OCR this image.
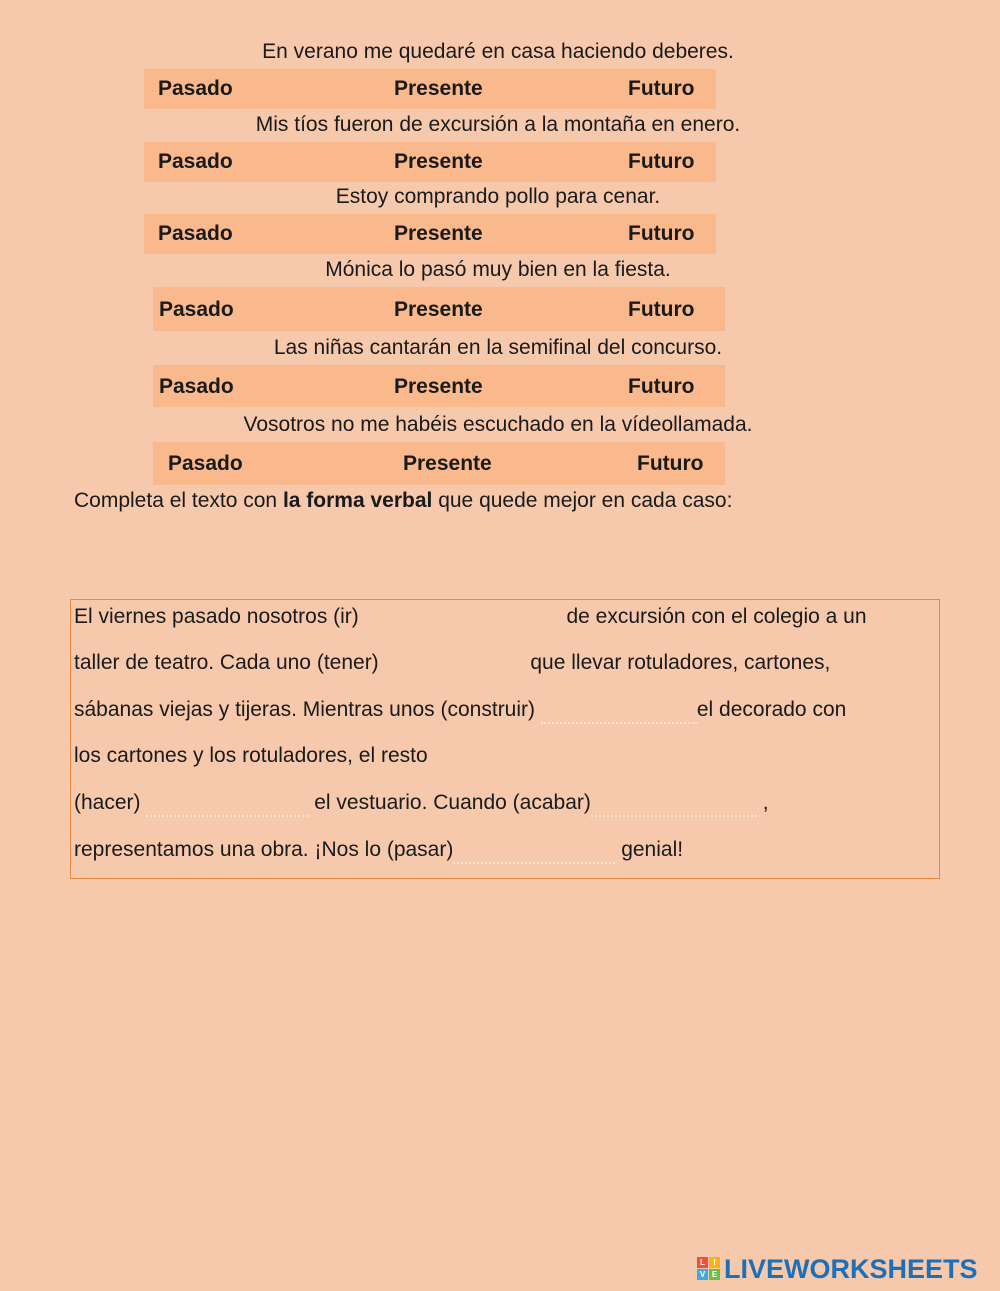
En verano me quedaré en casa haciendo deberes.
Pasado	Presente	Futuro
Mis tíos fueron de excursión a la montaña en enero.
Pasado	Presente	Futuro
Estoy comprando pollo para cenar.
Pasado	Presente	Futuro
Mónica lo pasó muy bien en la fiesta.
Pasado	Presente	Futuro
Las niñas cantarán en la semifinal del concurso.
Pasado	Presente	Futuro
Vosotros no me habéis escuchado en la vídeollamada.
Pasado	Presente	Futuro
Completa el texto con la forma verbal que quede mejor en cada caso:
El viernes pasado nosotros (ir)	de excursión con el colegio a un
taller de teatro. Cada uno (tener)	que llevar rotuladores, cartones,
sábanas viejas y tijeras. Mientras unos (construir)	el decorado con
los cartones y los rotuladores, el resto
(hacer)	el vestuario. Cuando (acabar)	,
representamos una obra. ¡Nos lo (pasar)	genial!
L	I
V E LIVEWORKSHEETS
